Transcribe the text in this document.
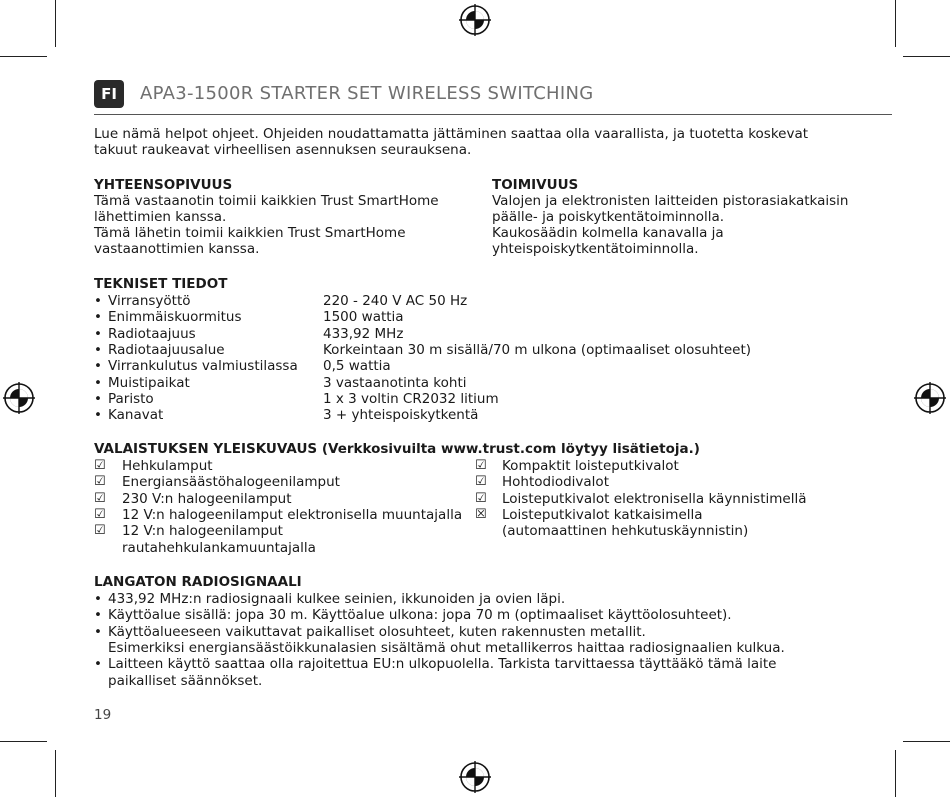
FI	APA3-1500R STARTER SET WIRELESS SWITCHING
Lue nämä helpot ohjeet. Ohjeiden noudattamatta jättäminen saattaa olla vaarallista, ja tuotetta koskevat
takuut raukeavat virheellisen asennuksen seurauksena.
YHTEENSOPIVUUS
Tämä vastaanotin toimii kaikkien Trust SmartHome
lähettimien kanssa.
Tämä lähetin toimii kaikkien Trust SmartHome
vastaanottimien kanssa.
TOIMIVUUS
Valojen ja elektronisten laitteiden pistorasiakatkaisin
päälle- ja poiskytkentätoiminnolla.
Kaukosäädin kolmella kanavalla ja
yhteispoiskytkentätoiminnolla.
TEKNISET TIEDOT
• Virransyöttö	220 - 240 V AC 50 Hz
• Enimmäiskuormitus	1500 wattia
• Radiotaajuus	433,92 MHz
• Radiotaajuusalue	Korkeintaan 30 m sisällä/70 m ulkona (optimaaliset olosuhteet)
• Virrankulutus valmiustilassa 0,5 wattia
• Muistipaikat	3 vastaanotinta kohti
• Paristo	1 x 3 voltin CR2032 litium
• Kanavat	3 + yhteispoiskytkentä
VALAISTUKSEN YLEISKUVAUS (Verkkosivuilta www.trust.com löytyy lisätietoja.)
☑ Hehkulamput
☑ Energiansäästöhalogeenilamput
☑ 230 V:n halogeenilamput
☑ 12 V:n halogeenilamput elektronisella muuntajalla
☑ 12 V:n halogeenilamput
rautahehkulankamuuntajalla
☑ Kompaktit loisteputkivalot
☑ Hohtodiodivalot
☑ Loisteputkivalot elektronisella käynnistimellä
☒ Loisteputkivalot katkaisimella
(automaattinen hehkutuskäynnistin)
LANGATON RADIOSIGNAALI
• 433,92 MHz:n radiosignaali kulkee seinien, ikkunoiden ja ovien läpi.
• Käyttöalue sisällä: jopa 30 m. Käyttöalue ulkona: jopa 70 m (optimaaliset käyttöolosuhteet).
• Käyttöalueeseen vaikuttavat paikalliset olosuhteet, kuten rakennusten metallit.
Esimerkiksi energiansäästöikkunalasien sisältämä ohut metallikerros haittaa radiosignaalien kulkua.
• Laitteen käyttö saattaa olla rajoitettua EU:n ulkopuolella. Tarkista tarvittaessa täyttääkö tämä laite
paikalliset säännökset.
19
